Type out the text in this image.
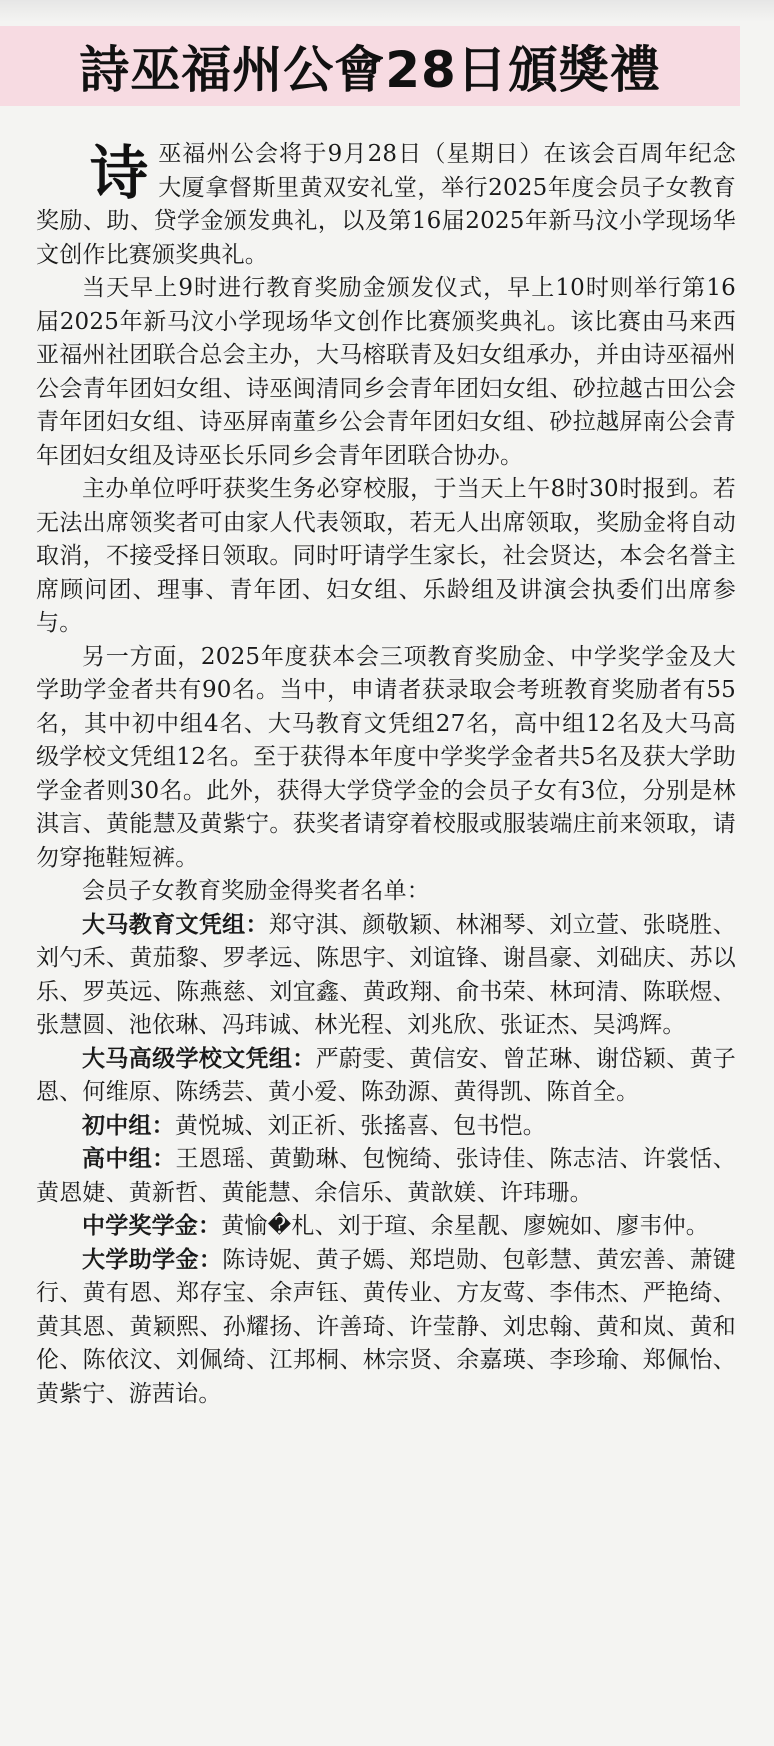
詩巫福州公會28日頒獎禮

诗巫福州公会将于9月28日（星期日）在该会百周年纪念大厦拿督斯里黄双安礼堂，举行2025年度会员子女教育奖励、助、贷学金颁发典礼，以及第16届2025年新马汶小学现场华文创作比赛颁奖典礼。

当天早上9时进行教育奖励金颁发仪式，早上10时则举行第16届2025年新马汶小学现场华文创作比赛颁奖典礼。该比赛由马来西亚福州社团联合总会主办，大马榕联青及妇女组承办，并由诗巫福州公会青年团妇女组、诗巫闽清同乡会青年团妇女组、砂拉越古田公会青年团妇女组、诗巫屏南董乡公会青年团妇女组、砂拉越屏南公会青年团妇女组及诗巫长乐同乡会青年团联合协办。

主办单位呼吁获奖生务必穿校服，于当天上午8时30时报到。若无法出席领奖者可由家人代表领取，若无人出席领取，奖励金将自动取消，不接受择日领取。同时吁请学生家长，社会贤达，本会名誉主席顾问团、理事、青年团、妇女组、乐龄组及讲演会执委们出席参与。

另一方面，2025年度获本会三项教育奖励金、中学奖学金及大学助学金者共有90名。当中，申请者获录取会考班教育奖励者有55名，其中初中组4名、大马教育文凭组27名，高中组12名及大马高级学校文凭组12名。至于获得本年度中学奖学金者共5名及获大学助学金者则30名。此外，获得大学贷学金的会员子女有3位，分别是林淇言、黄能慧及黄紫宁。获奖者请穿着校服或服装端庄前来领取，请勿穿拖鞋短裤。

会员子女教育奖励金得奖者名单：

大马教育文凭组：郑守淇、颜敬颖、林湘琴、刘立萱、张晓胜、刘勺禾、黄茄黎、罗孝远、陈思宇、刘谊锋、谢昌豪、刘础庆、苏以乐、罗英远、陈燕慈、刘宜鑫、黄政翔、俞书荣、林珂清、陈联煜、张慧圆、池依琳、冯玮诚、林光程、刘兆欣、张证杰、吴鸿辉。

大马高级学校文凭组：严蔚雯、黄信安、曾芷琳、谢岱颖、黄子恩、何维原、陈绣芸、黄小爱、陈劲源、黄得凯、陈首全。

初中组：黄悦城、刘正祈、张搖喜、包书恺。

高中组：王恩瑶、黄勤琳、包惋绮、张诗佳、陈志洁、许裳恬、黄恩婕、黄新哲、黄能慧、余信乐、黄歆媄、许玮珊。

中学奖学金：黄愉�札、刘于瑄、余星靓、廖婉如、廖韦仲。

大学助学金：陈诗妮、黄子嫣、郑垲勋、包彰慧、黄宏善、萧键行、黄有恩、郑存宝、余声钰、黄传业、方友莺、李伟杰、严艳绮、黄其恩、黄颖熙、孙耀扬、许善琦、许莹静、刘忠翰、黄和岚、黄和伦、陈依汶、刘佩绮、江邦桐、林宗贤、余嘉瑛、李珍瑜、郑佩怡、黄紫宁、游茜诒。
